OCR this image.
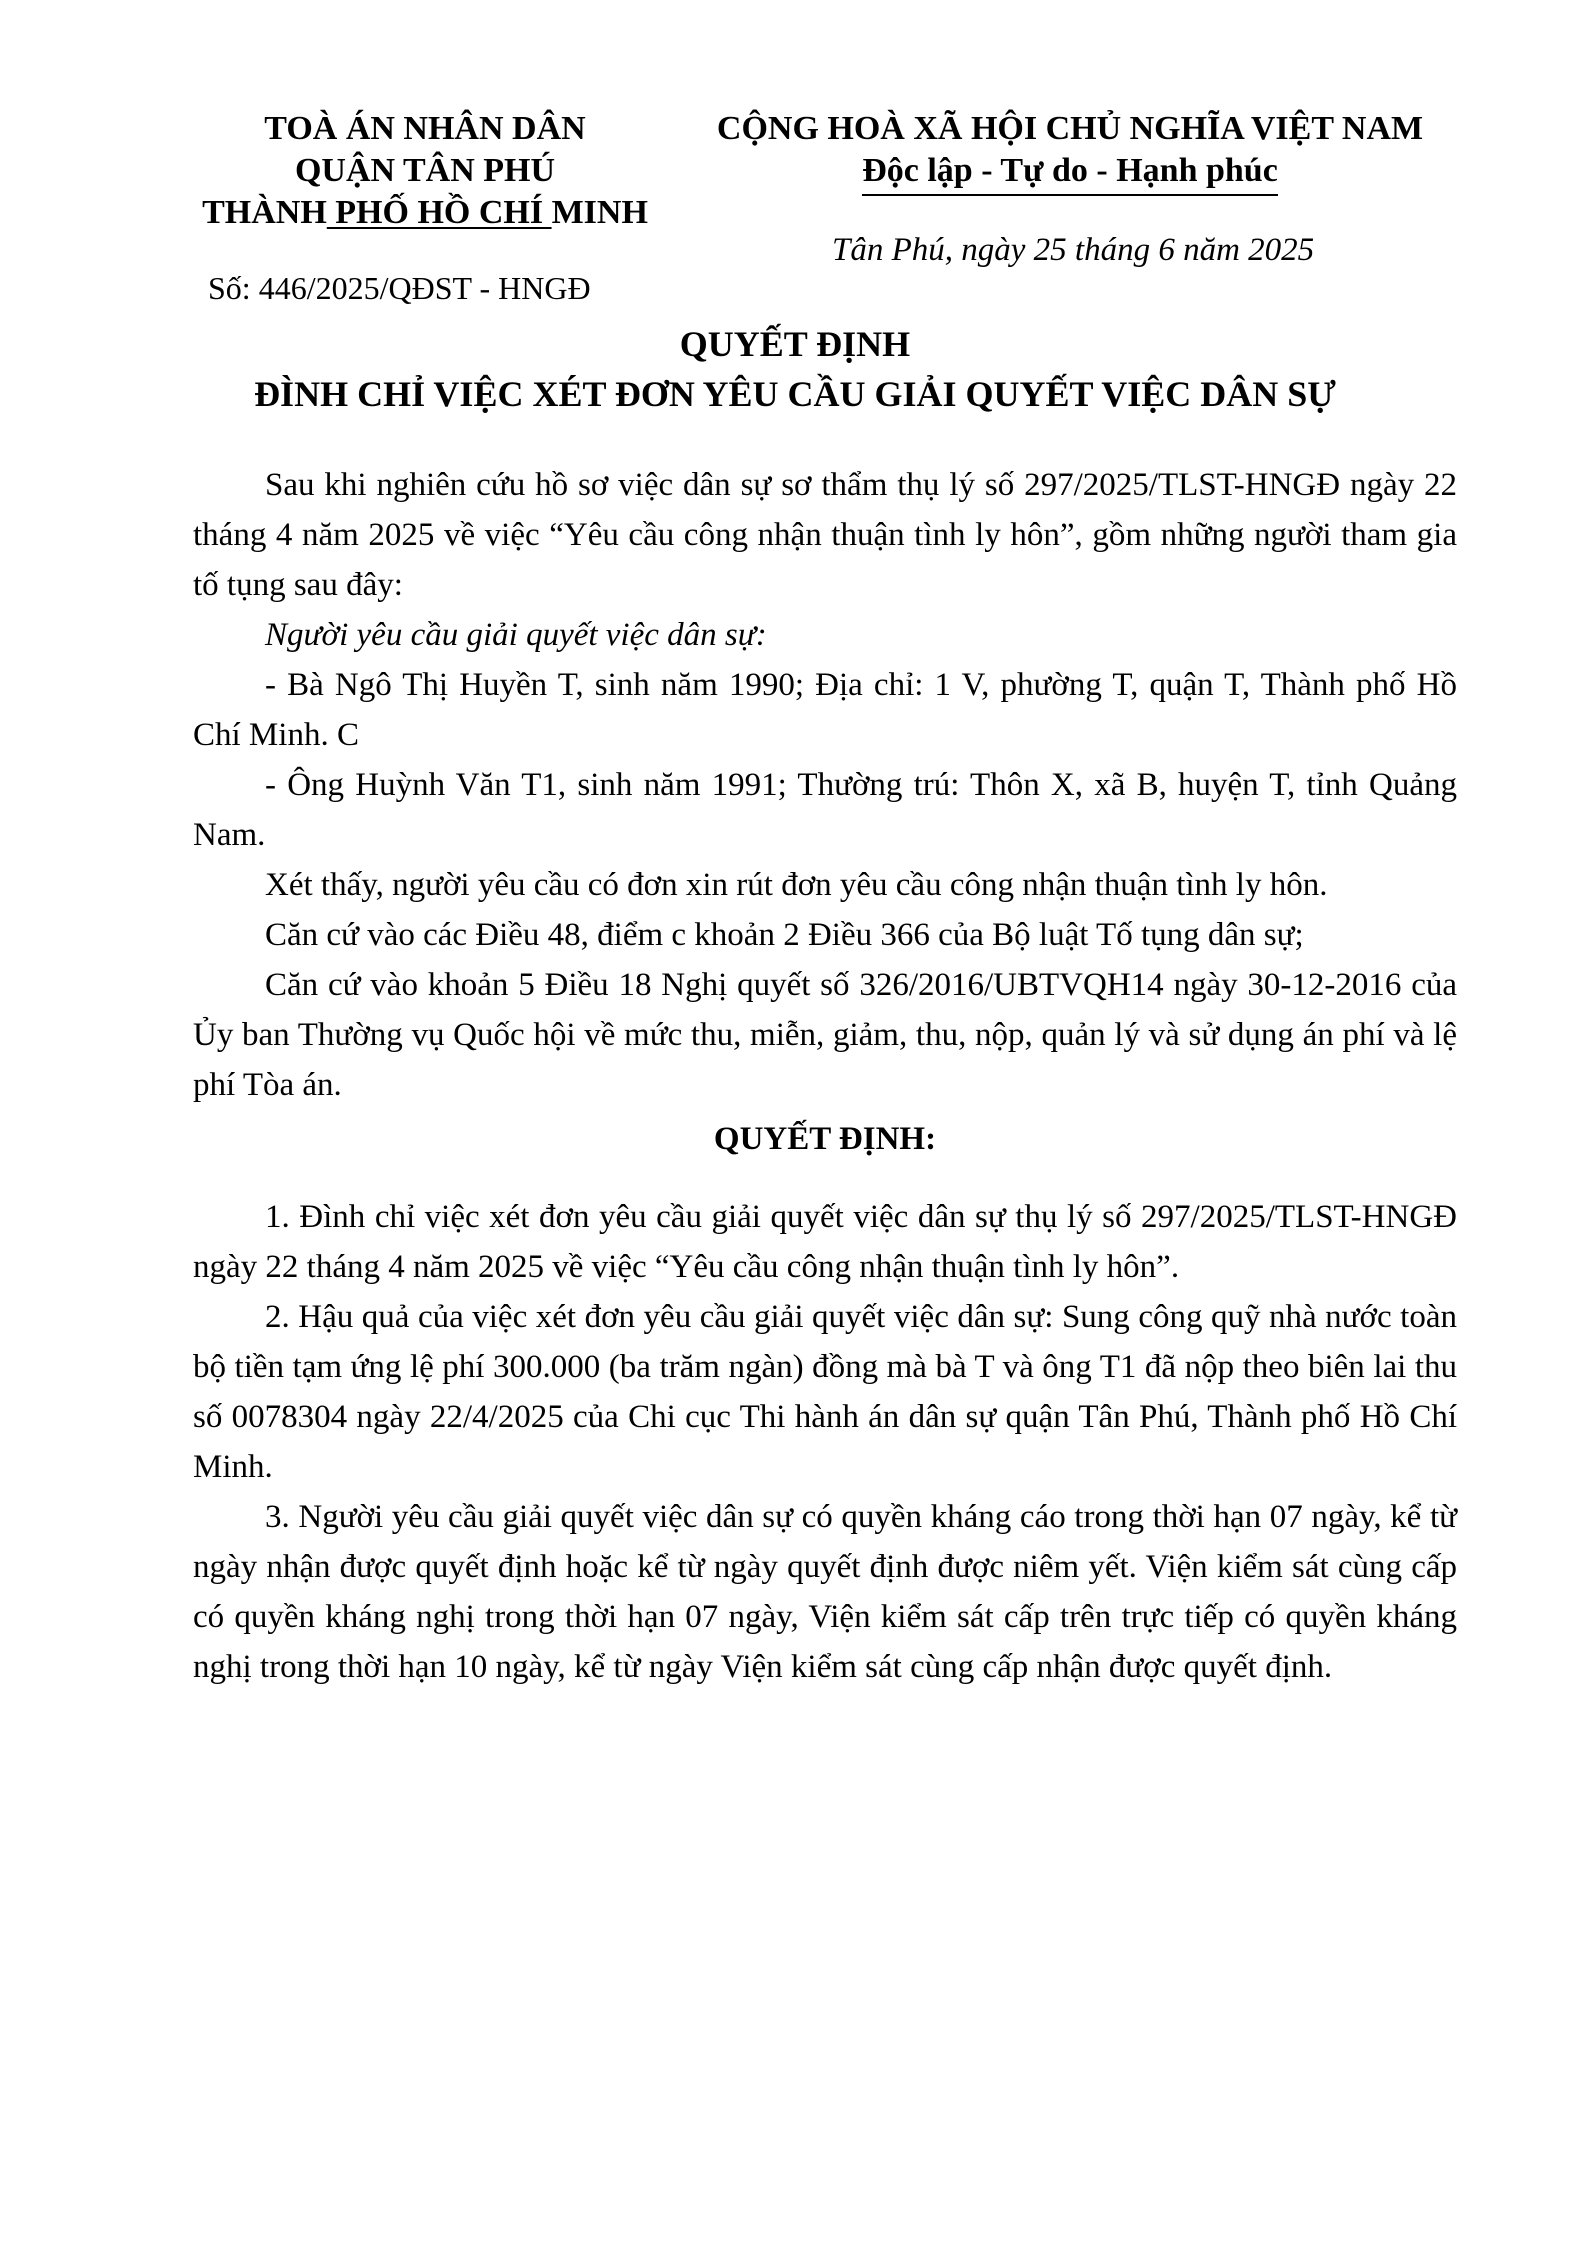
TOÀ ÁN NHÂN DÂN
QUẬN TÂN PHÚ
THÀNH PHỐ HỒ CHÍ MINH
CỘNG HOÀ XÃ HỘI CHỦ NGHĨA VIỆT NAM
Độc lập - Tự do - Hạnh phúc
Tân Phú, ngày 25 tháng 6 năm 2025
Số: 446/2025/QĐST - HNGĐ
QUYẾT ĐỊNH
ĐÌNH CHỈ VIỆC XÉT ĐƠN YÊU CẦU GIẢI QUYẾT VIỆC DÂN SỰ

Sau khi nghiên cứu hồ sơ việc dân sự sơ thẩm thụ lý số 297/2025/TLST-HNGĐ ngày 22 tháng 4 năm 2025 về việc “Yêu cầu công nhận thuận tình ly hôn”, gồm những người tham gia tố tụng sau đây:

Người yêu cầu giải quyết việc dân sự:

- Bà Ngô Thị Huyền T, sinh năm 1990; Địa chỉ: 1 V, phường T, quận T, Thành phố Hồ Chí Minh. C

- Ông Huỳnh Văn T1, sinh năm 1991; Thường trú: Thôn X, xã B, huyện T, tỉnh Quảng Nam.

Xét thấy, người yêu cầu có đơn xin rút đơn yêu cầu công nhận thuận tình ly hôn.

Căn cứ vào các Điều 48, điểm c khoản 2 Điều 366 của Bộ luật Tố tụng dân sự;

Căn cứ vào khoản 5 Điều 18 Nghị quyết số 326/2016/UBTVQH14 ngày 30-12-2016 của Ủy ban Thường vụ Quốc hội về mức thu, miễn, giảm, thu, nộp, quản lý và sử dụng án phí và lệ phí Tòa án.

QUYẾT ĐỊNH:

1. Đình chỉ việc xét đơn yêu cầu giải quyết việc dân sự thụ lý số 297/2025/TLST-HNGĐ ngày 22 tháng 4 năm 2025 về việc “Yêu cầu công nhận thuận tình ly hôn”.

2. Hậu quả của việc xét đơn yêu cầu giải quyết việc dân sự: Sung công quỹ nhà nước toàn bộ tiền tạm ứng lệ phí 300.000 (ba trăm ngàn) đồng mà bà T và ông T1 đã nộp theo biên lai thu số 0078304 ngày 22/4/2025 của Chi cục Thi hành án dân sự quận Tân Phú, Thành phố Hồ Chí Minh.

3. Người yêu cầu giải quyết việc dân sự có quyền kháng cáo trong thời hạn 07 ngày, kể từ ngày nhận được quyết định hoặc kể từ ngày quyết định được niêm yết. Viện kiểm sát cùng cấp có quyền kháng nghị trong thời hạn 07 ngày, Viện kiểm sát cấp trên trực tiếp có quyền kháng nghị trong thời hạn 10 ngày, kể từ ngày Viện kiểm sát cùng cấp nhận được quyết định.
